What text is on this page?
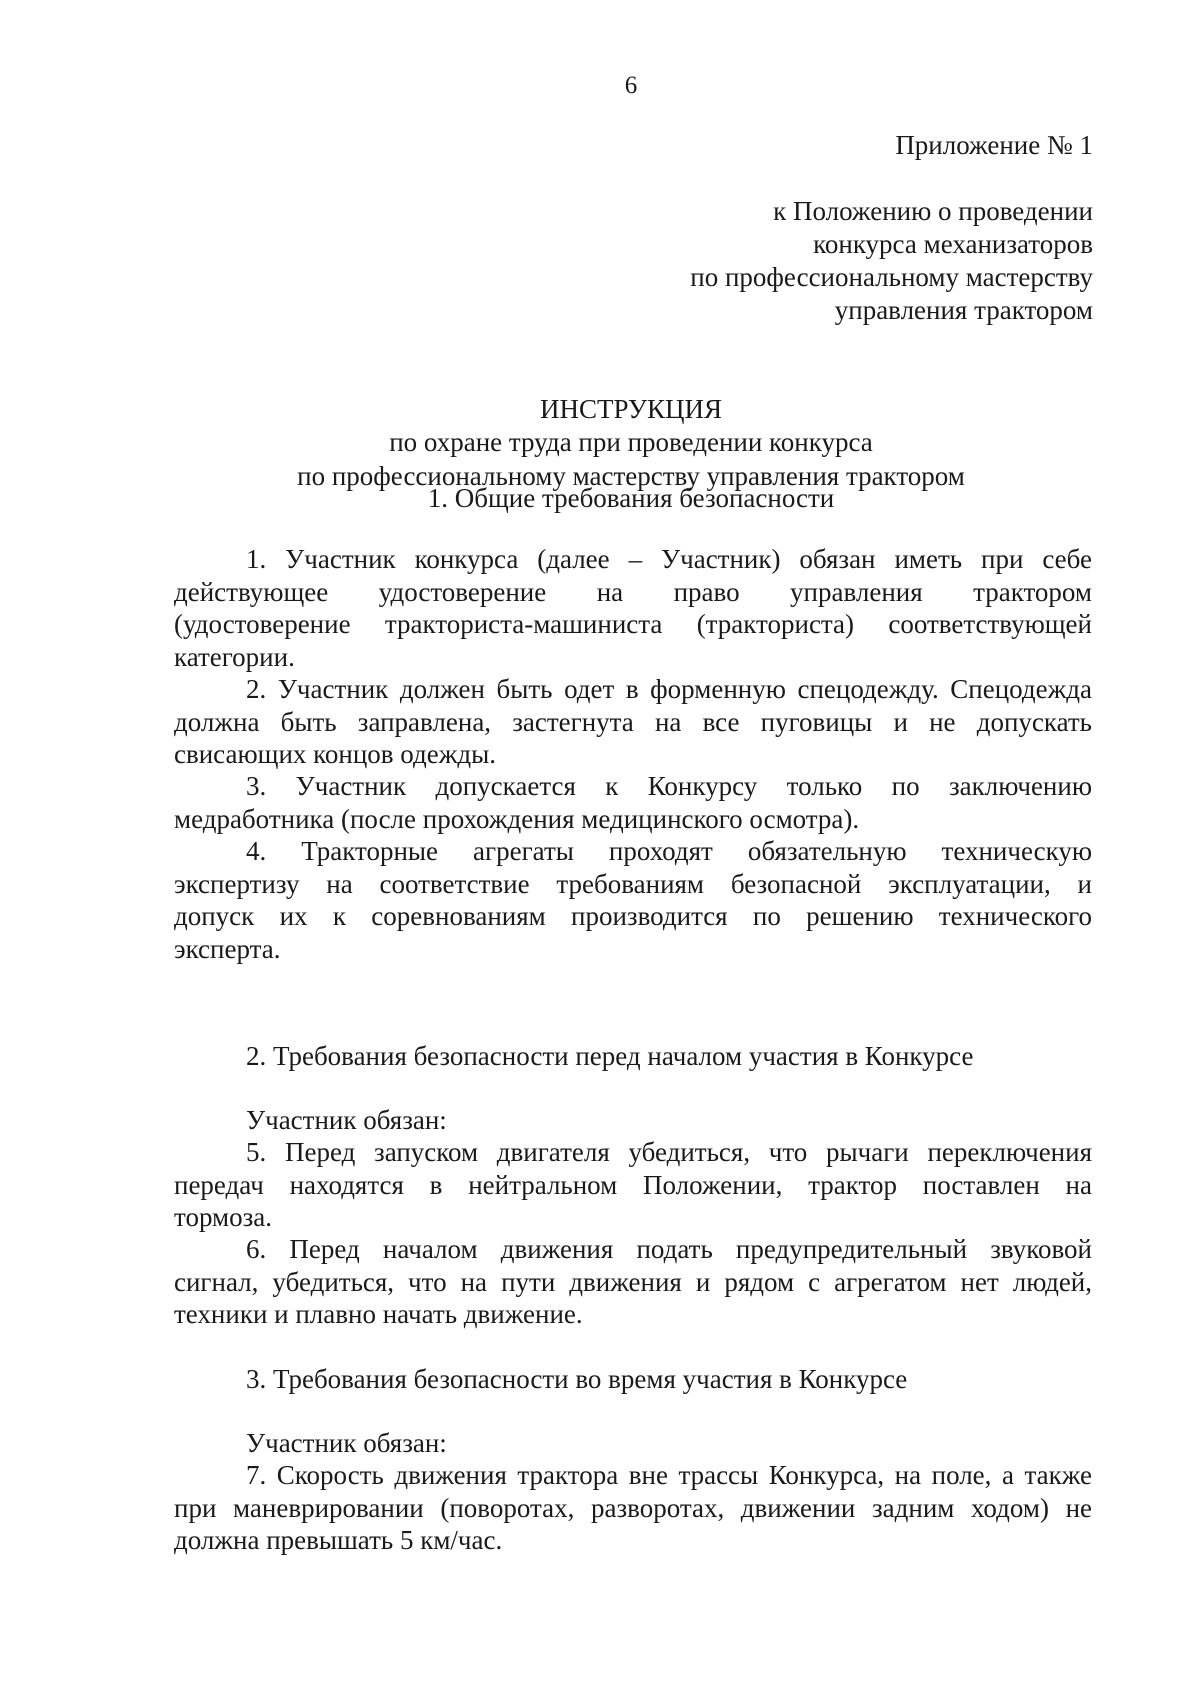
6
Приложение № 1
к Положению о проведении
конкурса механизаторов
по профессиональному мастерству
управления трактором
ИНСТРУКЦИЯ
по охране труда при проведении конкурса
по профессиональному мастерству управления трактором
1. Общие требования безопасности
1. Участник конкурса (далее – Участник) обязан иметь при себе
действующее удостоверение на право управления трактором
(удостоверение тракториста-машиниста (тракториста) соответствующей
категории.
2. Участник должен быть одет в форменную спецодежду. Спецодежда
должна быть заправлена, застегнута на все пуговицы и не допускать
свисающих концов одежды.
3. Участник допускается к Конкурсу только по заключению
медработника (после прохождения медицинского осмотра).
4. Тракторные агрегаты проходят обязательную техническую
экспертизу на соответствие требованиям безопасной эксплуатации, и
допуск их к соревнованиям производится по решению технического
эксперта.
2. Требования безопасности перед началом участия в Конкурсе
Участник обязан:
5. Перед запуском двигателя убедиться, что рычаги переключения
передач находятся в нейтральном Положении, трактор поставлен на
тормоза.
6. Перед началом движения подать предупредительный звуковой
сигнал, убедиться, что на пути движения и рядом с агрегатом нет людей,
техники и плавно начать движение.
3. Требования безопасности во время участия в Конкурсе
Участник обязан:
7. Скорость движения трактора вне трассы Конкурса, на поле, а также
при маневрировании (поворотах, разворотах, движении задним ходом) не
должна превышать 5 км/час.
